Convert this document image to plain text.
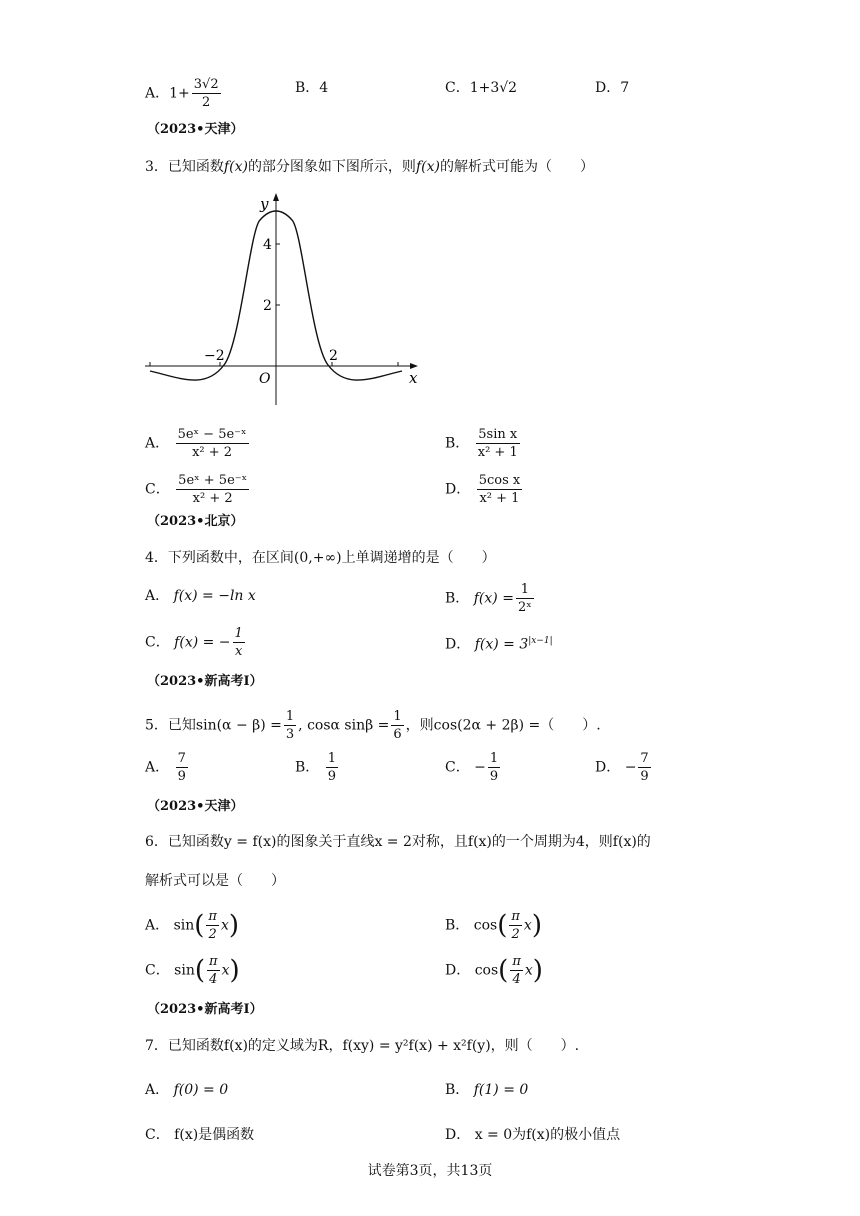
A．$1+ \frac{3√2}{2}$	B．4	C．1+3√2	D．7
（2023•天津）
3．已知函数f(x)的部分图象如下图所示，则f(x)的解析式可能为（　　）
y
x
O
4
2
−2	2
A． $\frac{\text{5eˣ − 5e⁻ˣ}}{\text{x² + 2}}$	B． $\frac{\text{5sin x}}{\text{x² + 1}}$
C． $\frac{\text{5eˣ + 5e⁻ˣ}}{\text{x² + 2}}$	D． $\frac{\text{5cos x}}{\text{x² + 1}}$
（2023•北京）
4．下列函数中，在区间(0,+∞)上单调递增的是（　　）
A． f(x) = −ln x	B． $f(x) = \frac{1}{\text{2ˣ}}$
C． f(x) = − $\frac{1}{x}$	D． $f(x) = 3^{|x-1|}$
（2023•新高考Ⅰ）
5．已知$\sin(\alpha - \beta) = \frac{1}{3}$ , cosα $\sin\beta = \frac{1}{6}$ ，则cos(2α + 2β) =（　　）.
A． $\frac{7}{9}$	B． $\frac{1}{9}$	C． − $\frac{1}{9}$	D． − $\frac{7}{9}$
（2023•天津）
6．已知函数y = f(x)的图象关于直线x = 2对称，且f(x)的一个周期为4，则f(x)的
解析式可以是（　　）
A． $\sin( \frac{\pi}{2} x)$	B． $\cos( \frac{\pi}{2} x)$
C． $\sin( \frac{\pi}{4} x)$	D． $\cos( \frac{\pi}{4} x)$
（2023•新高考Ⅰ）
7．已知函数f(x)的定义域为R，f(xy) = y²f(x) + x²f(y)，则（　　）.
A． f(0) = 0	B． f(1) = 0
C． f(x)是偶函数	D． x = 0为f(x)的极小值点
试卷第3页，共13页
